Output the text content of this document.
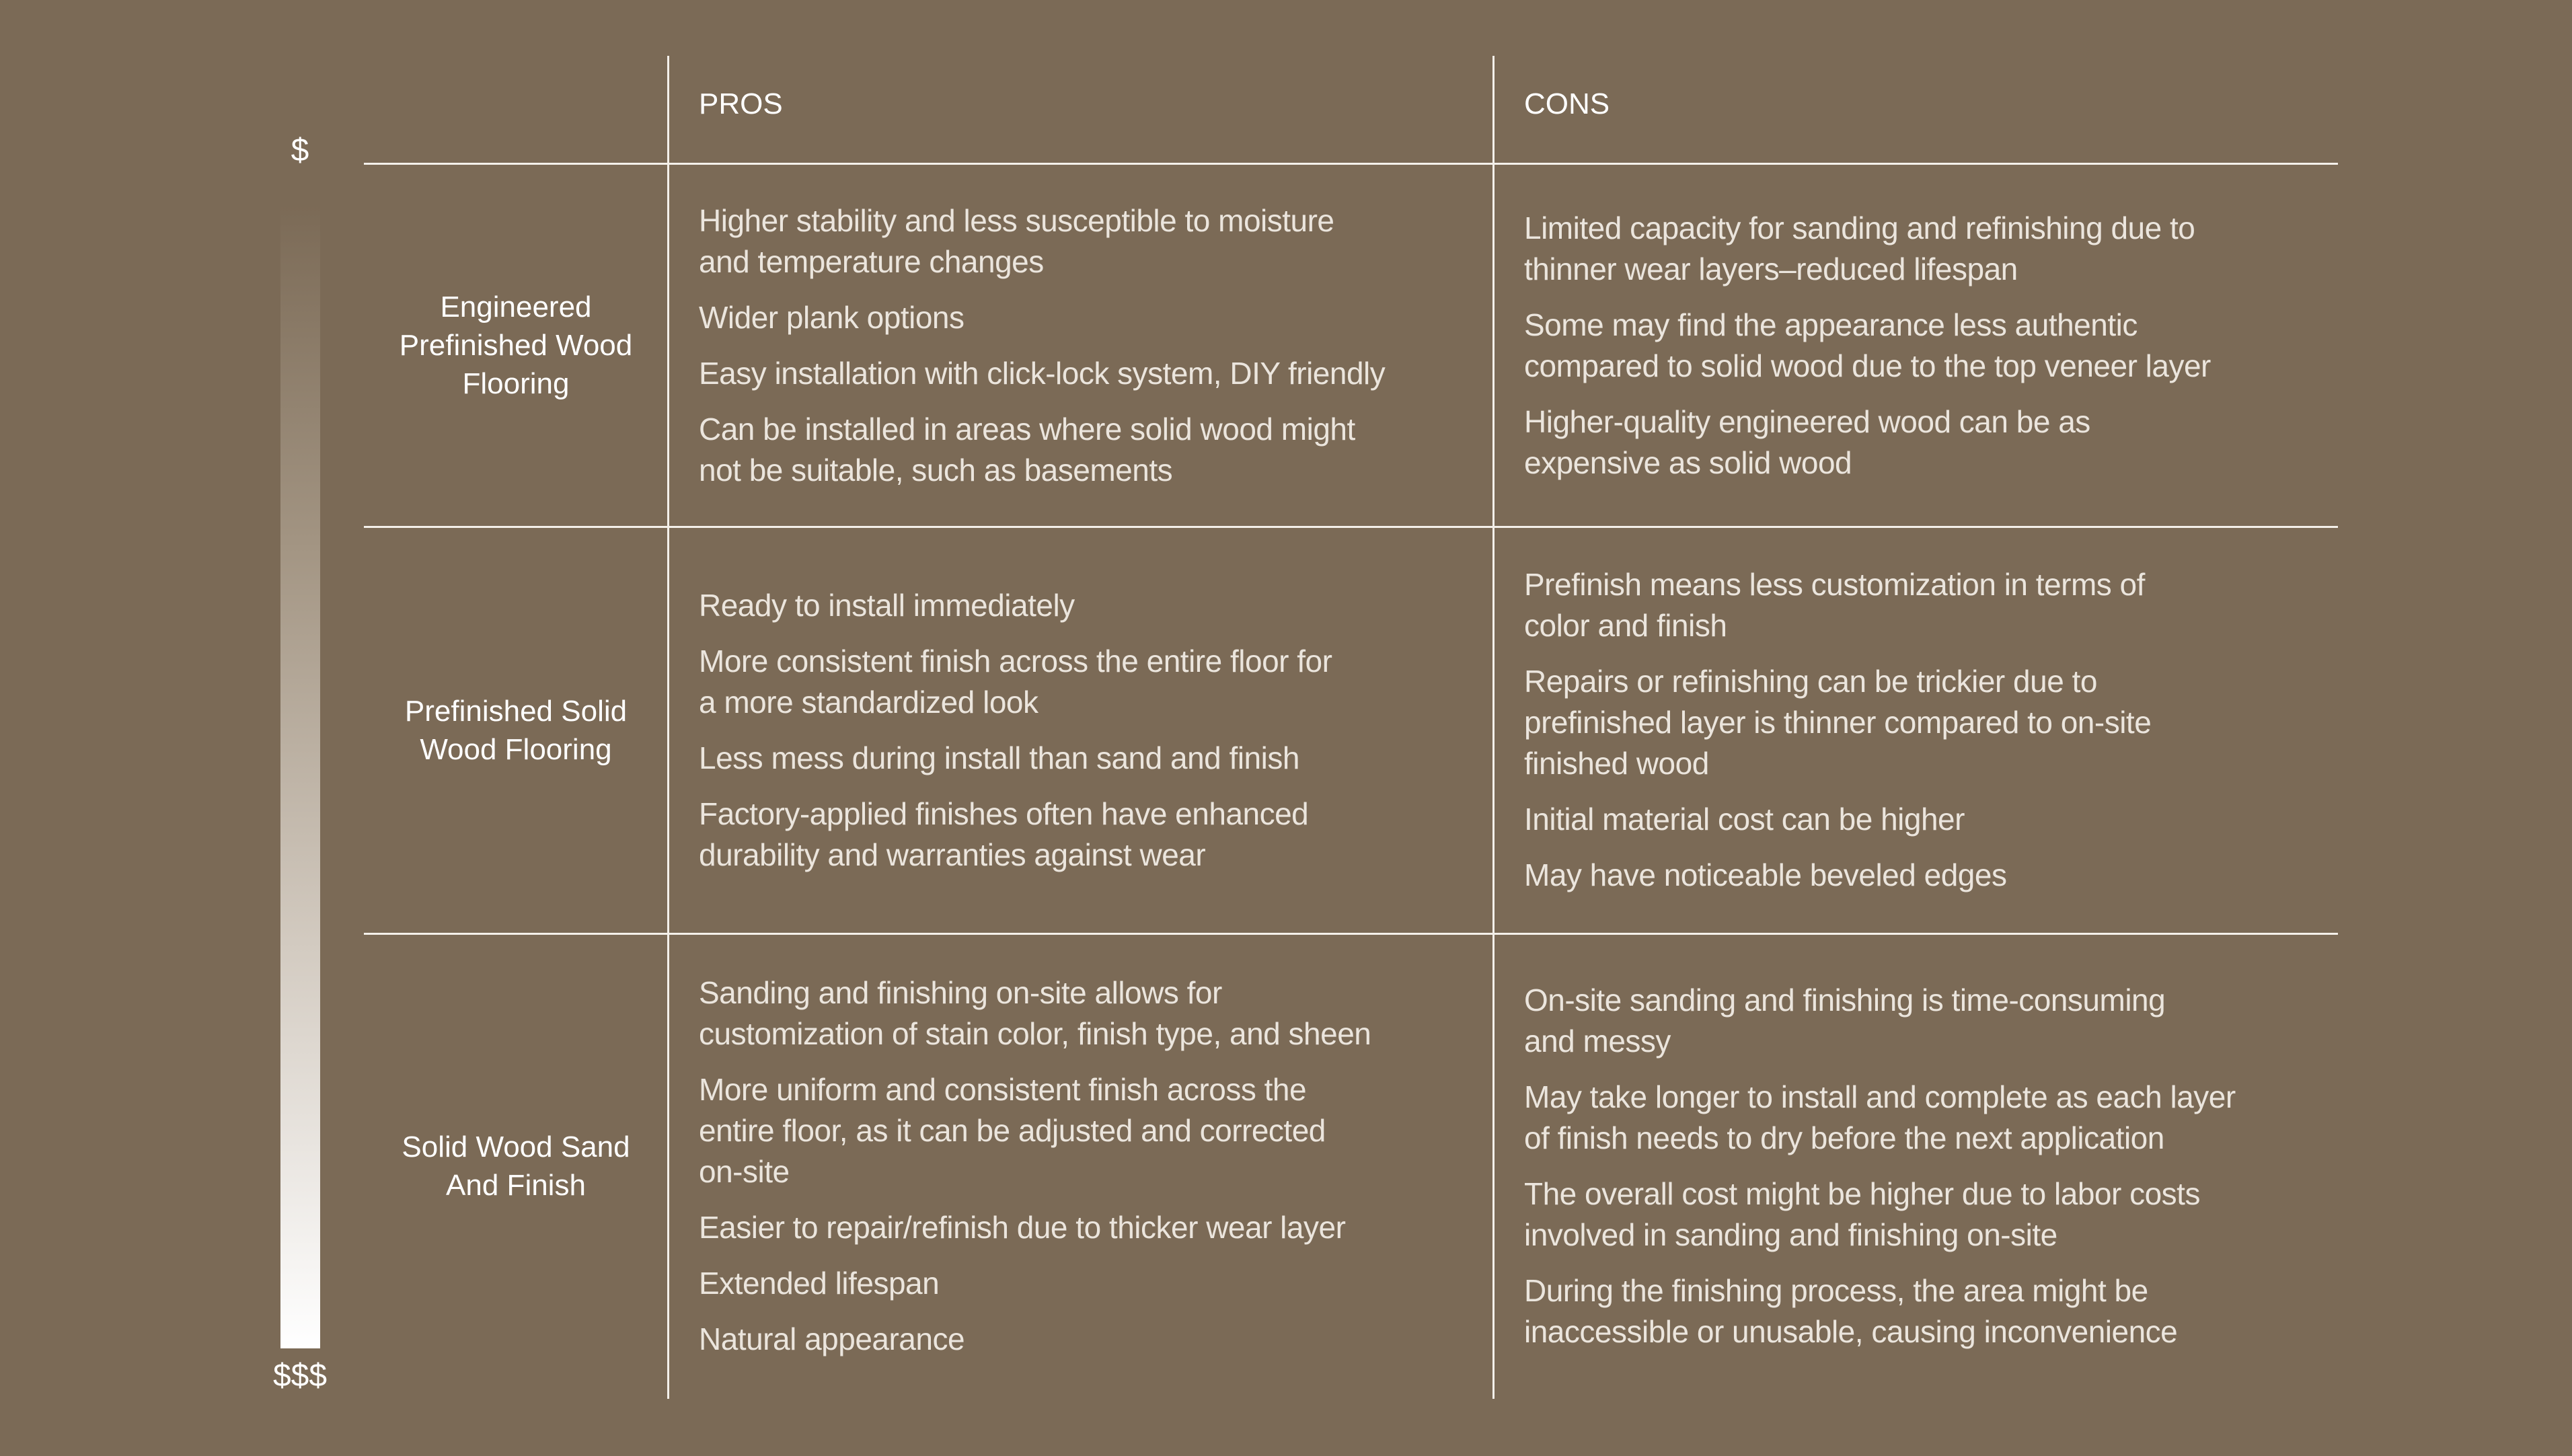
$
$$$
PROS	CONS
Engineered
Prefinished Wood
Flooring
Higher stability and less susceptible to moisture
and temperature changes
Wider plank options
Easy installation with click-lock system, DIY friendly
Can be installed in areas where solid wood might
not be suitable, such as basements
Limited capacity for sanding and refinishing due to
thinner wear layers–reduced lifespan
Some may find the appearance less authentic
compared to solid wood due to the top veneer layer
Higher-quality engineered wood can be as
expensive as solid wood
Prefinished Solid
Wood Flooring
Ready to install immediately
More consistent finish across the entire floor for
a more standardized look
Less mess during install than sand and finish
Factory-applied finishes often have enhanced
durability and warranties against wear
Prefinish means less customization in terms of
color and finish
Repairs or refinishing can be trickier due to
prefinished layer is thinner compared to on-site
finished wood
Initial material cost can be higher
May have noticeable beveled edges
Solid Wood Sand
And Finish
Sanding and finishing on-site allows for
customization of stain color, finish type, and sheen
More uniform and consistent finish across the
entire floor, as it can be adjusted and corrected
on-site
Easier to repair/refinish due to thicker wear layer
Extended lifespan
Natural appearance
On-site sanding and finishing is time-consuming
and messy
May take longer to install and complete as each layer
of finish needs to dry before the next application
The overall cost might be higher due to labor costs
involved in sanding and finishing on-site
During the finishing process, the area might be
inaccessible or unusable, causing inconvenience
